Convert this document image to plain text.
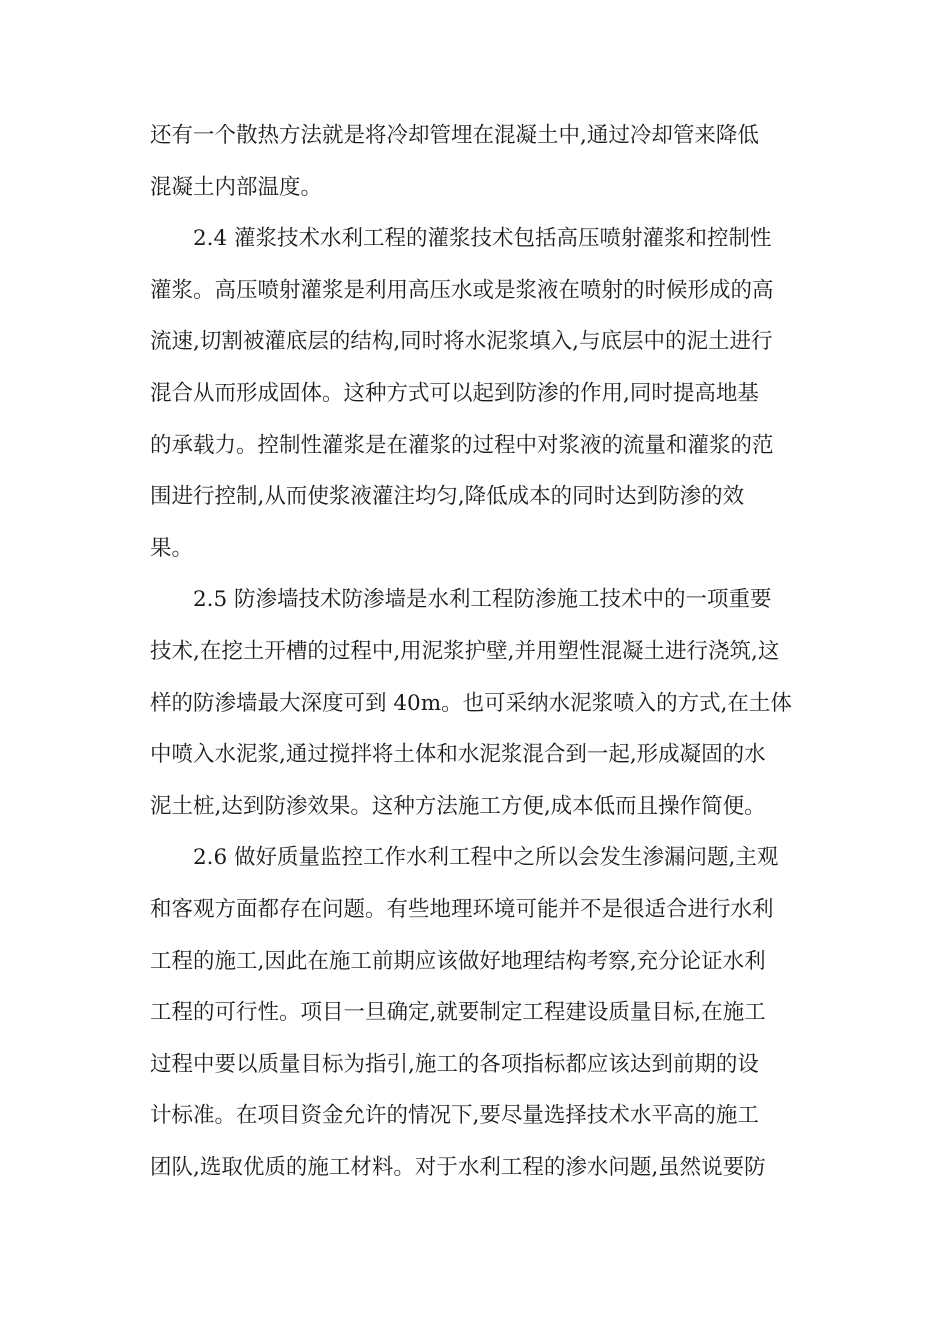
还有一个散热方法就是将冷却管埋在混凝土中,通过冷却管来降低
混凝土内部温度。
2.4 灌浆技术水利工程的灌浆技术包括高压喷射灌浆和控制性
灌浆。高压喷射灌浆是利用高压水或是浆液在喷射的时候形成的高
流速,切割被灌底层的结构,同时将水泥浆填入,与底层中的泥土进行
混合从而形成固体。这种方式可以起到防渗的作用,同时提高地基
的承载力。控制性灌浆是在灌浆的过程中对浆液的流量和灌浆的范
围进行控制,从而使浆液灌注均匀,降低成本的同时达到防渗的效
果。
2.5 防渗墙技术防渗墙是水利工程防渗施工技术中的一项重要
技术,在挖土开槽的过程中,用泥浆护壁,并用塑性混凝土进行浇筑,这
样的防渗墙最大深度可到 40m。也可采纳水泥浆喷入的方式,在土体
中喷入水泥浆,通过搅拌将土体和水泥浆混合到一起,形成凝固的水
泥土桩,达到防渗效果。这种方法施工方便,成本低而且操作简便。
2.6 做好质量监控工作水利工程中之所以会发生渗漏问题,主观
和客观方面都存在问题。有些地理环境可能并不是很适合进行水利
工程的施工,因此在施工前期应该做好地理结构考察,充分论证水利
工程的可行性。项目一旦确定,就要制定工程建设质量目标,在施工
过程中要以质量目标为指引,施工的各项指标都应该达到前期的设
计标准。在项目资金允许的情况下,要尽量选择技术水平高的施工
团队,选取优质的施工材料。对于水利工程的渗水问题,虽然说要防
